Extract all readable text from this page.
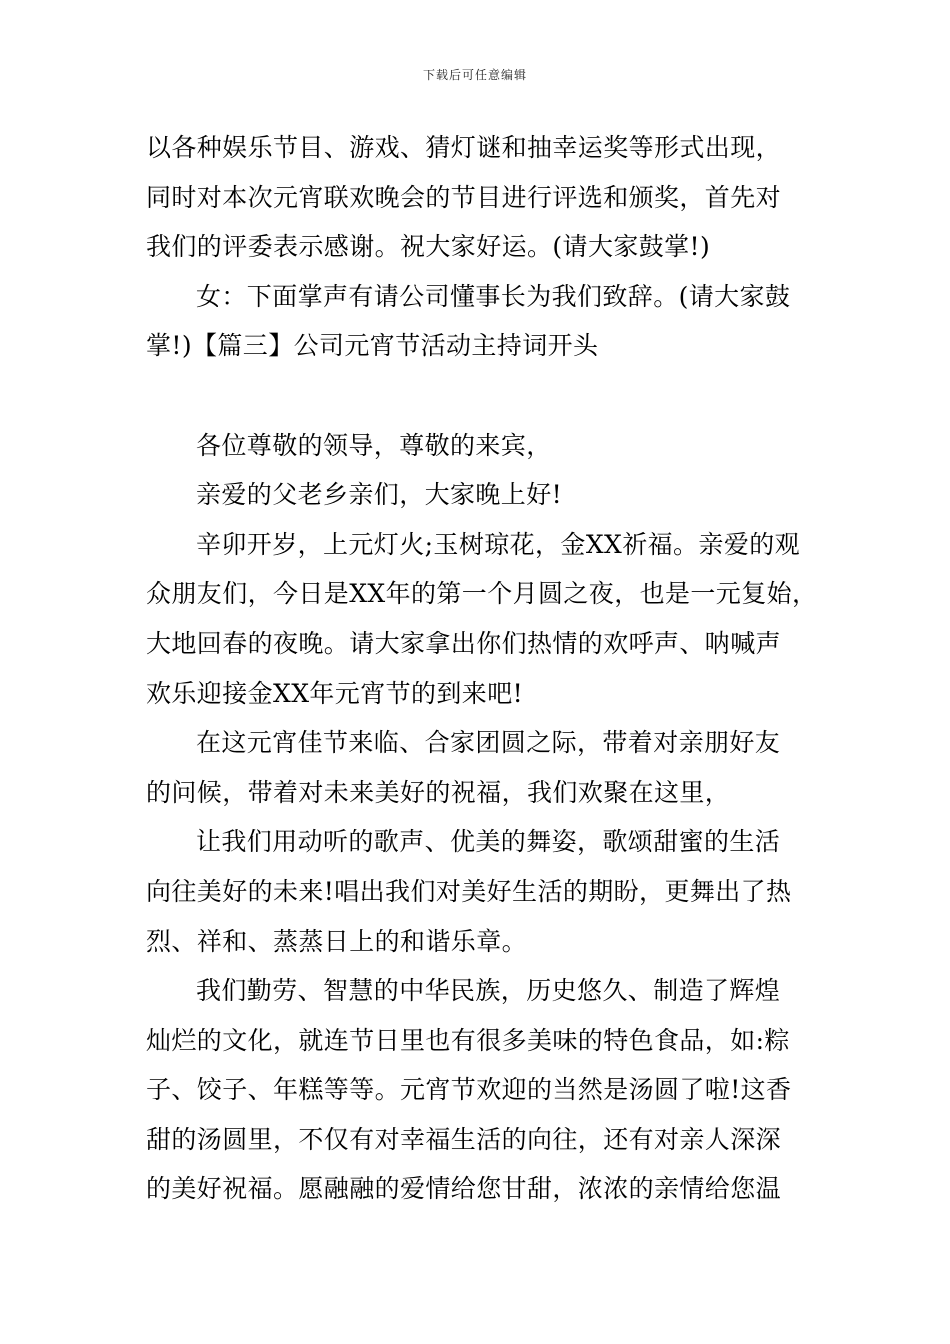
下载后可任意编辑
以各种娱乐节目、游戏、猜灯谜和抽幸运奖等形式出现，
同时对本次元宵联欢晚会的节目进行评选和颁奖，首先对
我们的评委表示感谢。祝大家好运。(请大家鼓掌!)
女：下面掌声有请公司懂事长为我们致辞。(请大家鼓
掌!)【篇三】公司元宵节活动主持词开头
各位尊敬的领导，尊敬的来宾，
亲爱的父老乡亲们，大家晚上好!
辛卯开岁，上元灯火;玉树琼花，金XX祈福。亲爱的观
众朋友们，今日是XX年的第一个月圆之夜，也是一元复始，
大地回春的夜晚。请大家拿出你们热情的欢呼声、呐喊声
欢乐迎接金XX年元宵节的到来吧!
在这元宵佳节来临、合家团圆之际，带着对亲朋好友
的问候，带着对未来美好的祝福，我们欢聚在这里，
让我们用动听的歌声、优美的舞姿，歌颂甜蜜的生活
向往美好的未来!唱出我们对美好生活的期盼，更舞出了热
烈、祥和、蒸蒸日上的和谐乐章。
我们勤劳、智慧的中华民族，历史悠久、制造了辉煌
灿烂的文化，就连节日里也有很多美味的特色食品，如:粽
子、饺子、年糕等等。元宵节欢迎的当然是汤圆了啦!这香
甜的汤圆里，不仅有对幸福生活的向往，还有对亲人深深
的美好祝福。愿融融的爱情给您甘甜，浓浓的亲情给您温
